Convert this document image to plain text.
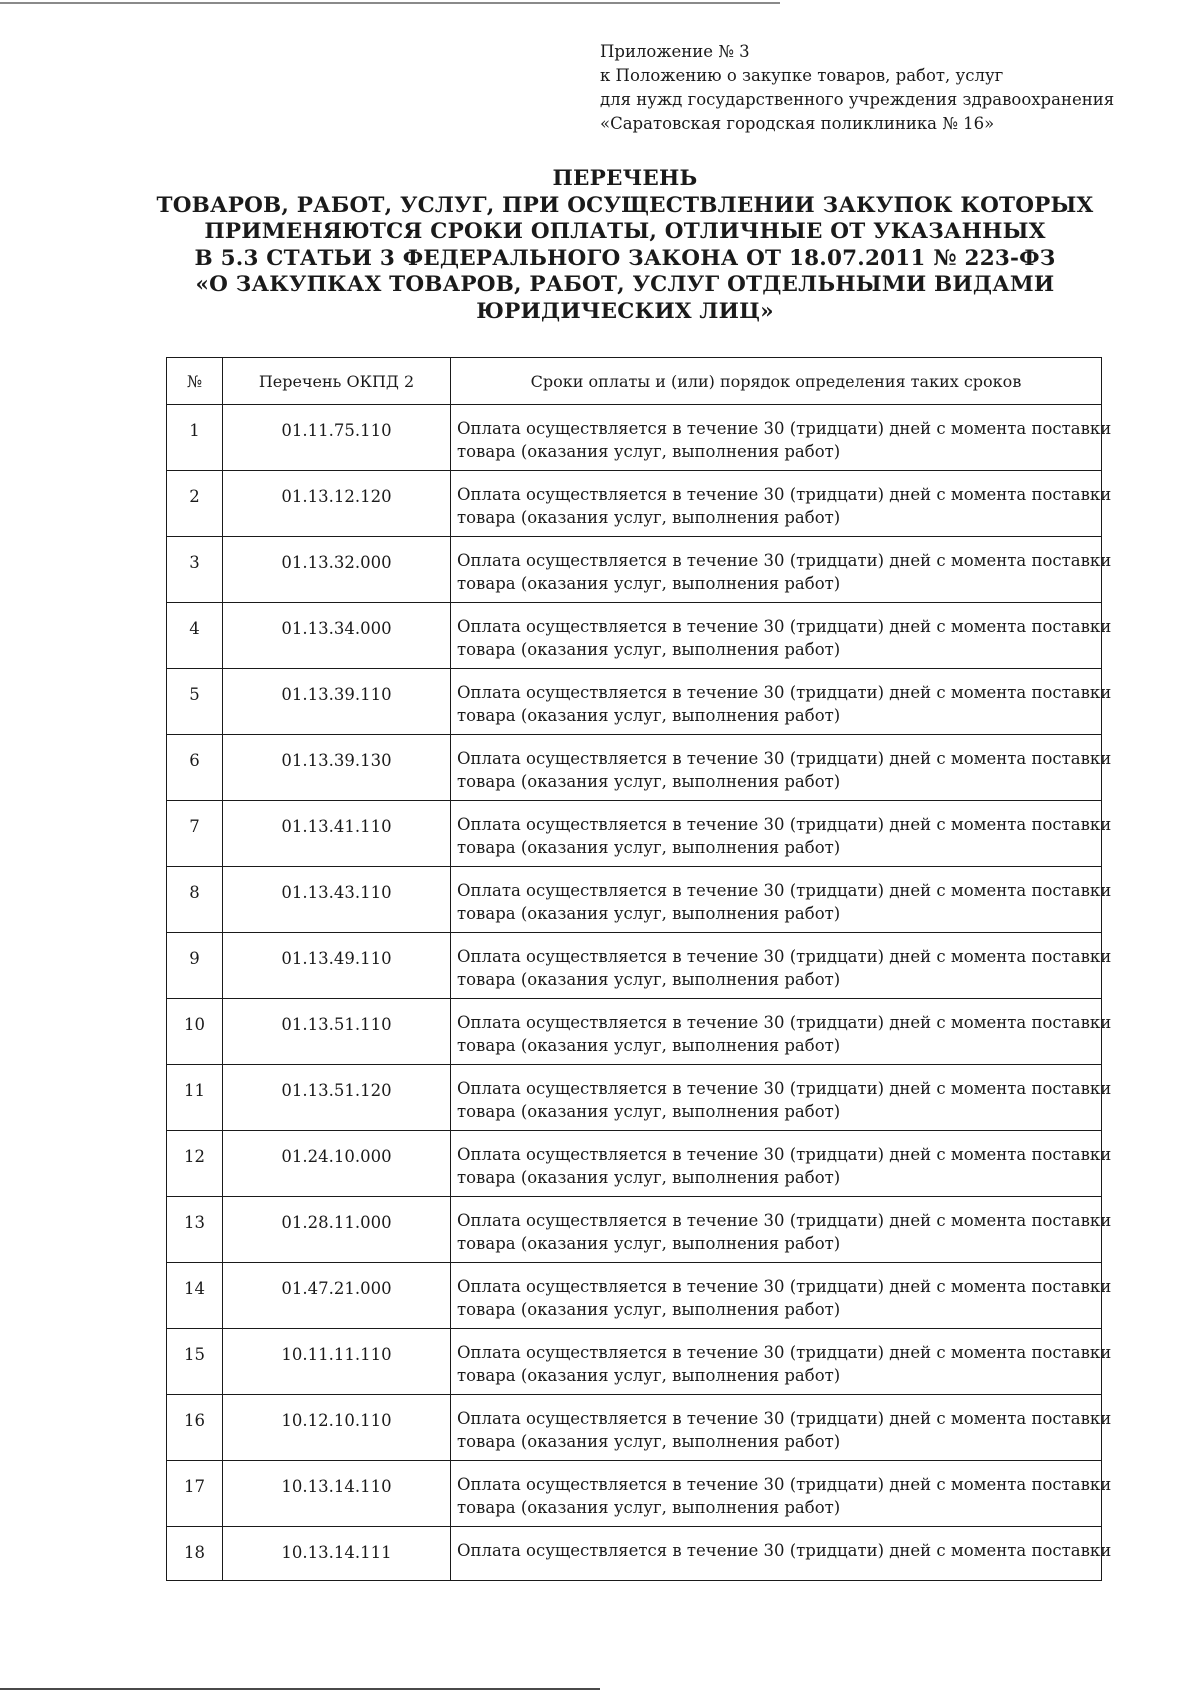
Приложение № 3
к Положению о закупке товаров, работ, услуг
для нужд государственного учреждения здравоохранения
«Саратовская городская поликлиника № 16»
ПЕРЕЧЕНЬ
ТОВАРОВ, РАБОТ, УСЛУГ, ПРИ ОСУЩЕСТВЛЕНИИ ЗАКУПОК КОТОРЫХ
ПРИМЕНЯЮТСЯ СРОКИ ОПЛАТЫ, ОТЛИЧНЫЕ ОТ УКАЗАННЫХ
В 5.3 СТАТЬИ 3 ФЕДЕРАЛЬНОГО ЗАКОНА ОТ 18.07.2011 № 223-ФЗ
«О ЗАКУПКАХ ТОВАРОВ, РАБОТ, УСЛУГ ОТДЕЛЬНЫМИ ВИДАМИ
ЮРИДИЧЕСКИХ ЛИЦ»
№	Перечень ОКПД 2	Сроки оплаты и (или) порядок определения таких сроков
1	01.11.75.110	Оплата осуществляется в течение 30 (тридцати) дней с момента поставки
товара (оказания услуг, выполнения работ)

2	01.13.12.120	Оплата осуществляется в течение 30 (тридцати) дней с момента поставки
товара (оказания услуг, выполнения работ)

3	01.13.32.000	Оплата осуществляется в течение 30 (тридцати) дней с момента поставки
товара (оказания услуг, выполнения работ)

4	01.13.34.000	Оплата осуществляется в течение 30 (тридцати) дней с момента поставки
товара (оказания услуг, выполнения работ)

5	01.13.39.110	Оплата осуществляется в течение 30 (тридцати) дней с момента поставки
товара (оказания услуг, выполнения работ)

6	01.13.39.130	Оплата осуществляется в течение 30 (тридцати) дней с момента поставки
товара (оказания услуг, выполнения работ)

7	01.13.41.110	Оплата осуществляется в течение 30 (тридцати) дней с момента поставки
товара (оказания услуг, выполнения работ)

8	01.13.43.110	Оплата осуществляется в течение 30 (тридцати) дней с момента поставки
товара (оказания услуг, выполнения работ)

9	01.13.49.110	Оплата осуществляется в течение 30 (тридцати) дней с момента поставки
товара (оказания услуг, выполнения работ)

10	01.13.51.110	Оплата осуществляется в течение 30 (тридцати) дней с момента поставки
товара (оказания услуг, выполнения работ)

11	01.13.51.120	Оплата осуществляется в течение 30 (тридцати) дней с момента поставки
товара (оказания услуг, выполнения работ)

12	01.24.10.000	Оплата осуществляется в течение 30 (тридцати) дней с момента поставки
товара (оказания услуг, выполнения работ)

13	01.28.11.000	Оплата осуществляется в течение 30 (тридцати) дней с момента поставки
товара (оказания услуг, выполнения работ)

14	01.47.21.000	Оплата осуществляется в течение 30 (тридцати) дней с момента поставки
товара (оказания услуг, выполнения работ)

15	10.11.11.110	Оплата осуществляется в течение 30 (тридцати) дней с момента поставки
товара (оказания услуг, выполнения работ)

16	10.12.10.110	Оплата осуществляется в течение 30 (тридцати) дней с момента поставки
товара (оказания услуг, выполнения работ)

17	10.13.14.110	Оплата осуществляется в течение 30 (тридцати) дней с момента поставки
товара (оказания услуг, выполнения работ)

18	10.13.14.111	Оплата осуществляется в течение 30 (тридцати) дней с момента поставки
